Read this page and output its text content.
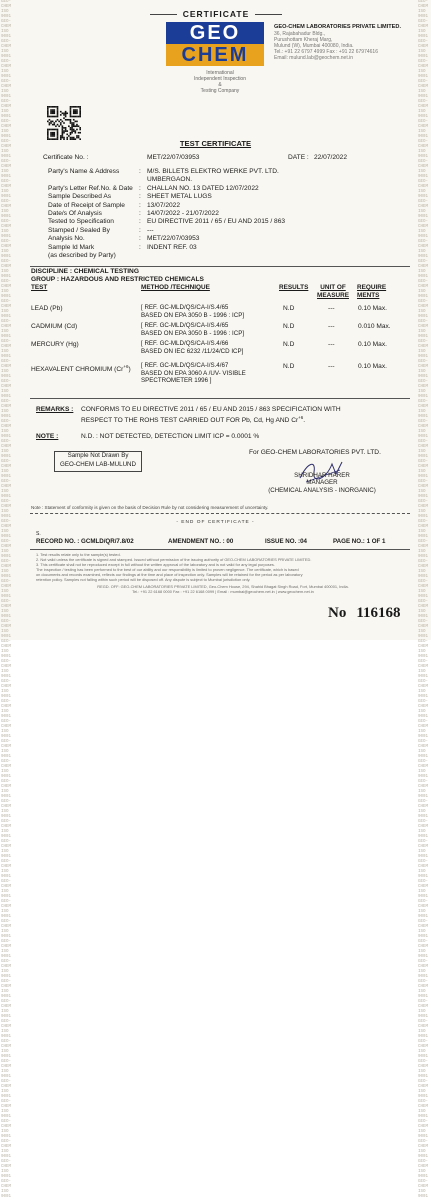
GEO-CHEM ISO 9001 GEO-CHEM ISO 9001 GEO-CHEM ISO 9001 GEO-CHEM ISO 9001 GEO-CHEM ISO 9001 GEO-CHEM ISO 9001 GEO-CHEM ISO 9001 GEO-CHEM ISO 9001 GEO-CHEM ISO 9001 GEO-CHEM ISO 9001 GEO-CHEM ISO 9001 GEO-CHEM ISO 9001 GEO-CHEM ISO 9001 GEO-CHEM ISO 9001 GEO-CHEM ISO 9001 GEO-CHEM ISO 9001 GEO-CHEM ISO 9001 GEO-CHEM ISO 9001 GEO-CHEM ISO 9001 GEO-CHEM ISO 9001 GEO-CHEM ISO 9001 GEO-CHEM ISO 9001 GEO-CHEM ISO 9001 GEO-CHEM ISO 9001 GEO-CHEM ISO 9001 GEO-CHEM ISO 9001 GEO-CHEM ISO 9001 GEO-CHEM ISO 9001 GEO-CHEM ISO 9001 GEO-CHEM ISO 9001 GEO-CHEM ISO 9001 GEO-CHEM ISO 9001 GEO-CHEM ISO 9001 GEO-CHEM ISO 9001 GEO-CHEM ISO 9001 GEO-CHEM ISO 9001 GEO-CHEM ISO 9001 GEO-CHEM ISO 9001 GEO-CHEM ISO 9001 GEO-CHEM ISO 9001 GEO-CHEM ISO 9001 GEO-CHEM ISO 9001 GEO-CHEM ISO 9001 GEO-CHEM ISO 9001 GEO-CHEM ISO 9001 GEO-CHEM ISO 9001 GEO-CHEM ISO 9001 GEO-CHEM ISO 9001 GEO-CHEM ISO 9001 GEO-CHEM ISO 9001 GEO-CHEM ISO 9001 GEO-CHEM ISO 9001 GEO-CHEM ISO 9001 GEO-CHEM ISO 9001 GEO-CHEM ISO 9001 GEO-CHEM ISO 9001 GEO-CHEM ISO 9001 GEO-CHEM ISO 9001 GEO-CHEM ISO 9001 GEO-CHEM ISO 9001
GEO-CHEM ISO 9001 GEO-CHEM ISO 9001 GEO-CHEM ISO 9001 GEO-CHEM ISO 9001 GEO-CHEM ISO 9001 GEO-CHEM ISO 9001 GEO-CHEM ISO 9001 GEO-CHEM ISO 9001 GEO-CHEM ISO 9001 GEO-CHEM ISO 9001 GEO-CHEM ISO 9001 GEO-CHEM ISO 9001 GEO-CHEM ISO 9001 GEO-CHEM ISO 9001 GEO-CHEM ISO 9001 GEO-CHEM ISO 9001 GEO-CHEM ISO 9001 GEO-CHEM ISO 9001 GEO-CHEM ISO 9001 GEO-CHEM ISO 9001 GEO-CHEM ISO 9001 GEO-CHEM ISO 9001 GEO-CHEM ISO 9001 GEO-CHEM ISO 9001 GEO-CHEM ISO 9001 GEO-CHEM ISO 9001 GEO-CHEM ISO 9001 GEO-CHEM ISO 9001 GEO-CHEM ISO 9001 GEO-CHEM ISO 9001 GEO-CHEM ISO 9001 GEO-CHEM ISO 9001 GEO-CHEM ISO 9001 GEO-CHEM ISO 9001 GEO-CHEM ISO 9001 GEO-CHEM ISO 9001 GEO-CHEM ISO 9001 GEO-CHEM ISO 9001 GEO-CHEM ISO 9001 GEO-CHEM ISO 9001 GEO-CHEM ISO 9001 GEO-CHEM ISO 9001 GEO-CHEM ISO 9001 GEO-CHEM ISO 9001 GEO-CHEM ISO 9001 GEO-CHEM ISO 9001 GEO-CHEM ISO 9001 GEO-CHEM ISO 9001 GEO-CHEM ISO 9001 GEO-CHEM ISO 9001 GEO-CHEM ISO 9001 GEO-CHEM ISO 9001 GEO-CHEM ISO 9001 GEO-CHEM ISO 9001 GEO-CHEM ISO 9001 GEO-CHEM ISO 9001 GEO-CHEM ISO 9001 GEO-CHEM ISO 9001 GEO-CHEM ISO 9001 GEO-CHEM ISO 9001
CERTIFICATE
GEO
CHEM
International
Independent Inspection
&
Testing Company
GEO-CHEM LABORATORIES PRIVATE LIMITED.
36, Rajabahadur Bldg.,
Purushottam Kheraj Marg,
Mulund (W), Mumbai 400080, India.
Tel.: +91 22 6797 4999 Fax : +91 22 67974616
Email: mulund.lab@geochem.net.in
TEST CERTIFICATE
Certificate No. :	MET/22/07/03953	DATE : 22/07/2022
Party's Name & Address	: M/S. BILLETS ELEKTRO WERKE PVT. LTD.
UMBERGAON.
Party's Letter Ref.No. & Date : CHALLAN NO. 13 DATED 12/07/2022
Sample Described As	: SHEET METAL LUGS
Date of Receipt of Sample : 13/07/2022
Date/s Of Analysis	: 14/07/2022 - 21/07/2022
Tested to Specification	: EU DIRECTIVE 2011 / 65 / EU AND 2015 / 863
Stamped / Sealed By	: ---
Analysis No.	: MET/22/07/03953
Sample Id Mark	: INDENT REF. 03
(as described by Party)
DISCIPLINE : CHEMICAL TESTING
GROUP : HAZARDOUS AND RESTRICTED CHEMICALS
TEST	METHOD /TECHNIQUE	RESULTS	UNIT OF MEASURE
REQUIRE MENTS
LEAD (Pb)	[ REF. GC-MLD/QS/CA-I/S.4/65
BASED ON EPA 3050 B - 1996 : ICP]
N.D	---	0.10 Max.
CADMIUM (Cd)	[ REF. GC-MLD/QS/CA-I/S.4/65
BASED ON EPA 3050 B - 1996 : ICP]
N.D	---	0.010 Max.
MERCURY (Hg)	[ REF. GC-MLD/QS/CA-I/S.4/66
BASED ON IEC 6232 /11/24/CD ICP]
N.D	---	0.10 Max.
HEXAVALENT CHROMIUM $(Cr^{+6})$
[ REF. GC-MLD/QS/CA-I/S.4/67
BASED ON EPA 3060 A /UV- VISIBLE
SPECTROMETER 1996 ]
N.D	---	0.10 Max.
REMARKS : CONFORMS TO EU DIRECTIVE 2011 / 65 / EU AND 2015 / 863 SPECIFICATION WITH
RESPECT TO THE ROHS TEST CARRIED OUT FOR Pb, Cd, Hg AND $Cr^{+6}$.
NOTE :	N.D. : NOT DETECTED, DETECTION LIMIT ICP = 0.0001 %
Sample Not Drawn By
GEO-CHEM LAB-MULUND
For GEO-CHEM LABORATORIES PVT. LTD.
SHRIDHAR HARER
MANAGER
(CHEMICAL ANALYSIS - INORGANIC)
Note : Statement of conformity is given on the basis of Decision Rule by not considering measurement of uncertainty.
- END OF CERTIFICATE -
S.
RECORD NO. : GCMLD/QR/7.8/02	AMENDMENT NO. : 00	ISSUE NO. :04	PAGE NO.: 1 OF 1
1. Test results relate only to the sample(s) tested.
2. Not valid unless the certificate is signed and stamped. Issued without permission of the issuing authority of GEO-CHEM LABORATORIES PRIVATE LIMITED.
3. This certificate shall not be reproduced except in full without the written approval of the laboratory and is not valid for any legal purposes.
The inspection / testing has been performed to the best of our ability and our responsibility is limited to proven negligence. The certificate, which is based
on documents and records examined, reflects our findings at the time and place of inspection only. Samples will be retained for the period as per laboratory
retention policy. Samples not falling within such period will be disposed off. Any dispute is subject to Mumbai jurisdiction only.
REGD. OFF: GEO-CHEM LABORATORIES PRIVATE LIMITED, Geo-Chem House, 294, Shahid Bhagat Singh Road, Fort, Mumbai 400001, India.
Tel.: +91 22 6168 0000 Fax : +91 22 6168 0099 | Email : mumbai@geochem.net.in | www.geochem.net.in
No 116168
